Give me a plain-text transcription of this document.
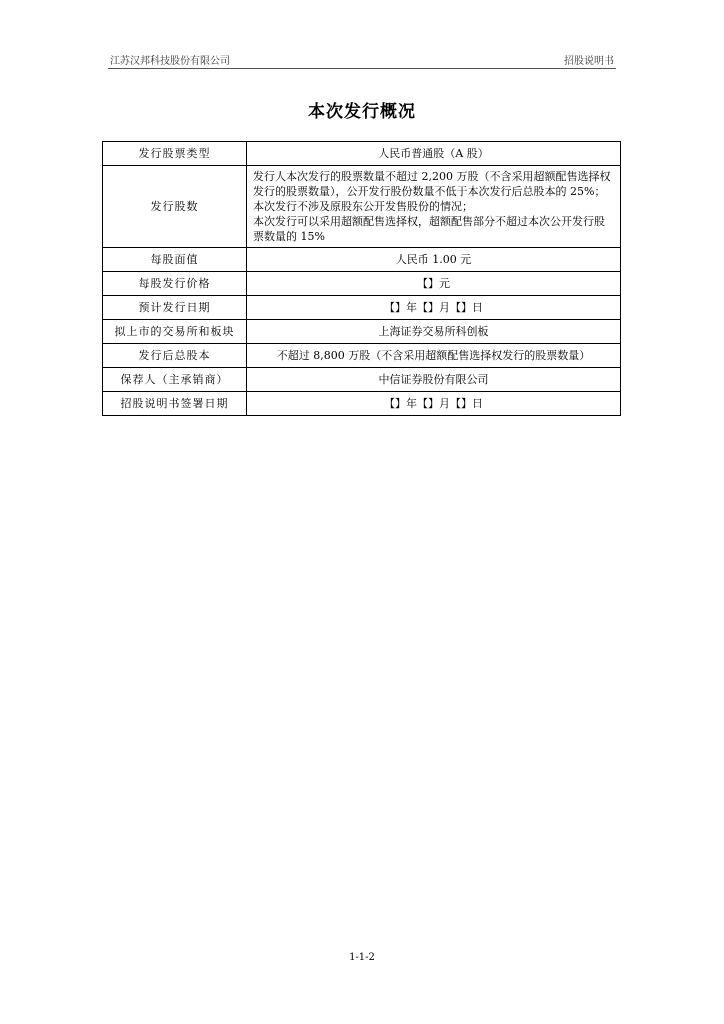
江苏汉邦科技股份有限公司	招股说明书
本次发行概况
发行股票类型	人民币普通股（A 股）
发行股数	发行人本次发行的股票数量不超过 2,200 万股（不含采用超额配售选择权发行的股票数量），公开发行股份数量不低于本次发行后总股本的 25%；
本次发行不涉及原股东公开发售股份的情况；
本次发行可以采用超额配售选择权，超额配售部分不超过本次公开发行股票数量的 15%

每股面值	人民币 1.00 元
每股发行价格	【】元
预计发行日期	【】年【】月【】日
拟上市的交易所和板块	上海证券交易所科创板
发行后总股本	不超过 8,800 万股（不含采用超额配售选择权发行的股票数量）
保荐人（主承销商）	中信证券股份有限公司
招股说明书签署日期	【】年【】月【】日
1-1-2
